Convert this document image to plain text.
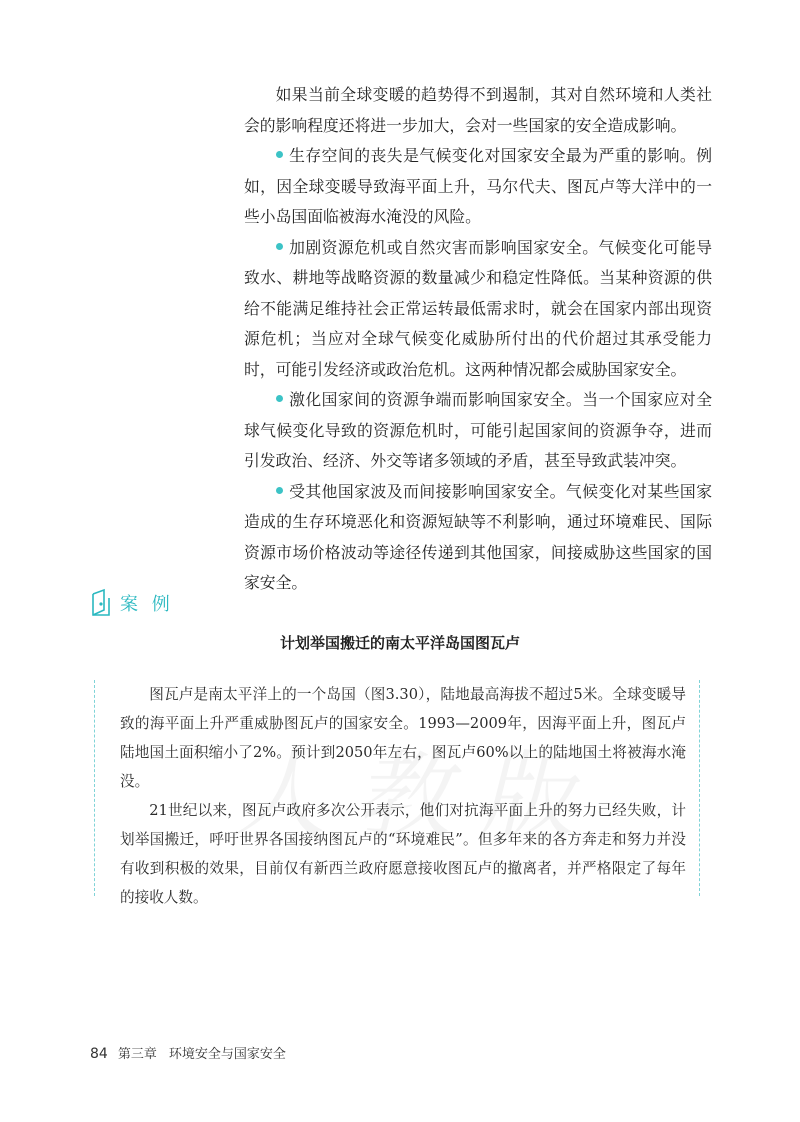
如果当前全球变暖的趋势得不到遏制，其对自然环境和人类社会的影响程度还将进一步加大，会对一些国家的安全造成影响。

生存空间的丧失是气候变化对国家安全最为严重的影响。例如，因全球变暖导致海平面上升，马尔代夫、图瓦卢等大洋中的一些小岛国面临被海水淹没的风险。

加剧资源危机或自然灾害而影响国家安全。气候变化可能导致水、耕地等战略资源的数量减少和稳定性降低。当某种资源的供给不能满足维持社会正常运转最低需求时，就会在国家内部出现资源危机；当应对全球气候变化威胁所付出的代价超过其承受能力时，可能引发经济或政治危机。这两种情况都会威胁国家安全。

激化国家间的资源争端而影响国家安全。当一个国家应对全球气候变化导致的资源危机时，可能引起国家间的资源争夺，进而引发政治、经济、外交等诸多领域的矛盾，甚至导致武装冲突。

受其他国家波及而间接影响国家安全。气候变化对某些国家造成的生存环境恶化和资源短缺等不利影响，通过环境难民、国际资源市场价格波动等途径传递到其他国家，间接威胁这些国家的国家安全。

案 例
计划举国搬迁的南太平洋岛国图瓦卢

图瓦卢是南太平洋上的一个岛国（图3.30），陆地最高海拔不超过5米。全球变暖导致的海平面上升严重威胁图瓦卢的国家安全。1993—2009年，因海平面上升，图瓦卢陆地国土面积缩小了2%。预计到2050年左右，图瓦卢60%以上的陆地国土将被海水淹没。

21世纪以来，图瓦卢政府多次公开表示，他们对抗海平面上升的努力已经失败，计划举国搬迁，呼吁世界各国接纳图瓦卢的“环境难民”。但多年来的各方奔走和努力并没有收到积极的效果，目前仅有新西兰政府愿意接收图瓦卢的撤离者，并严格限定了每年的接收人数。

84 第三章 环境安全与国家安全
